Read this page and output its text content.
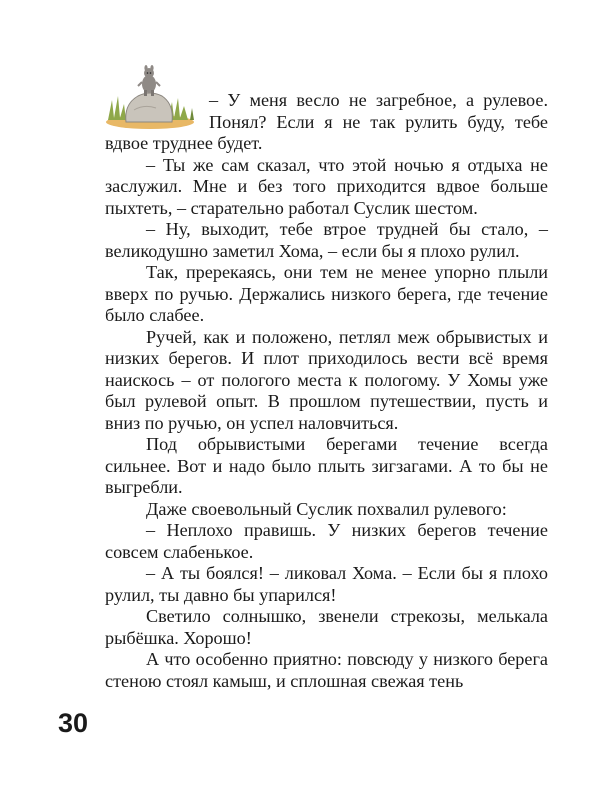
– У меня весло не загребное, а рулевое. Понял? Если я не так рулить буду, тебе вдвое труднее будет.

– Ты же сам сказал, что этой ночью я отдыха не заслужил. Мне и без того приходится вдвое больше пыхтеть, – старательно работал Суслик шестом.

– Ну, выходит, тебе втрое трудней бы стало, – великодушно заметил Хома, – если бы я плохо рулил.

Так, пререкаясь, они тем не менее упорно плыли вверх по ручью. Держались низкого берега, где течение было слабее.

Ручей, как и положено, петлял меж обрывистых и низких берегов. И плот приходилось вести всё время наискось – от пологого места к пологому. У Хомы уже был рулевой опыт. В прошлом путешествии, пусть и вниз по ручью, он успел наловчиться.

Под обрывистыми берегами течение всегда сильнее. Вот и надо было плыть зигзагами. А то бы не выгребли.

Даже своевольный Суслик похвалил рулевого:

– Неплохо правишь. У низких берегов течение совсем слабенькое.

– А ты боялся! – ликовал Хома. – Если бы я плохо рулил, ты давно бы упарился!

Светило солнышко, звенели стрекозы, мелькала рыбёшка. Хорошо!

А что особенно приятно: повсюду у низкого берега стеною стоял камыш, и сплошная свежая тень

30
